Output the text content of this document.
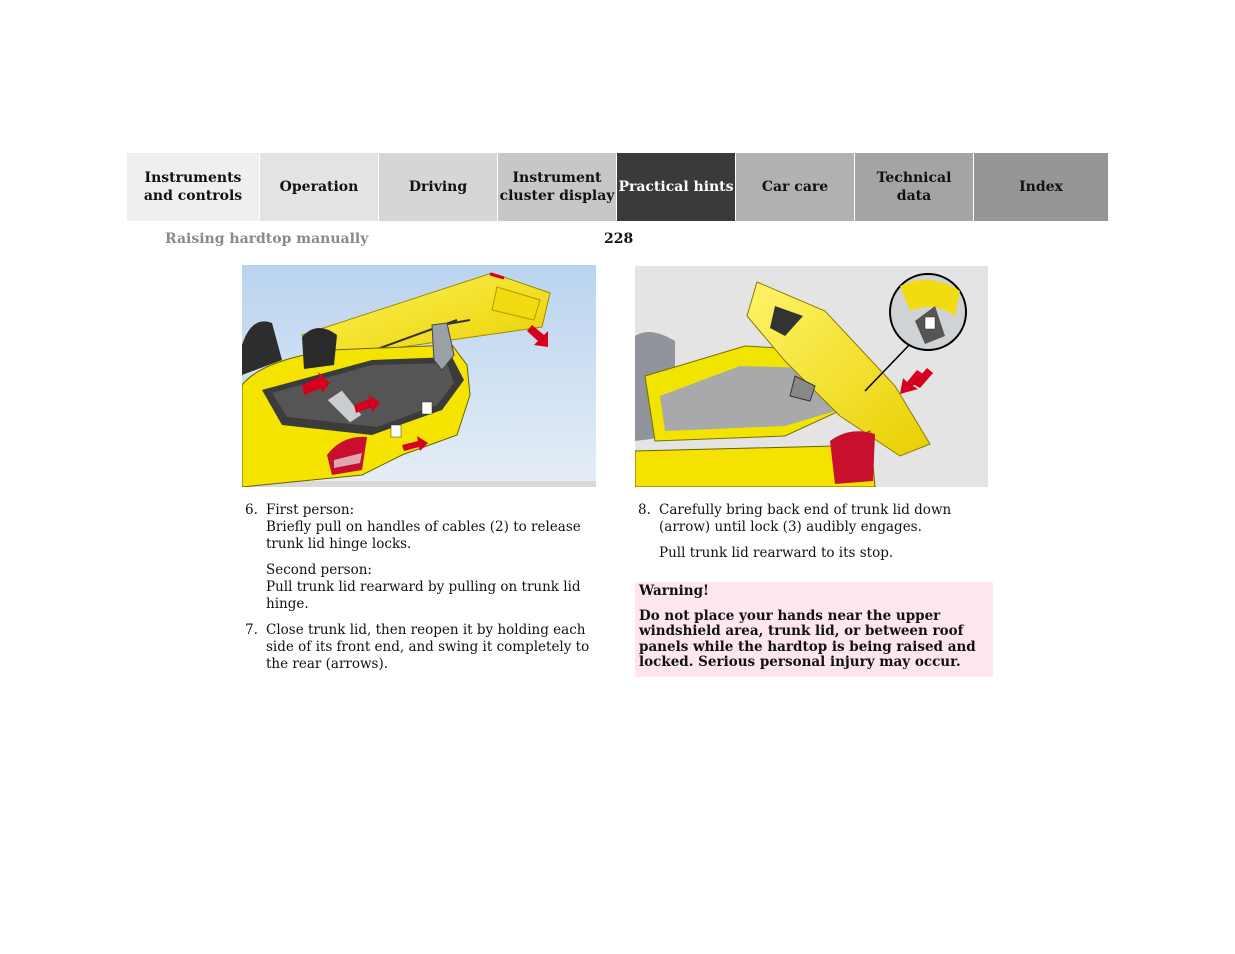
Instruments
and controls
Operation	Driving
Instrument
cluster display
Practical hints	Car care
Technical
data
Index
Raising hardtop manually	228
6. First person:
Briefly pull on handles of cables (2) to release trunk lid hinge locks.

Second person:
Pull trunk lid rearward by pulling on trunk lid hinge.

7. Close trunk lid, then reopen it by holding each side of its front end, and swing it completely to the rear (arrows).

8. Carefully bring back end of trunk lid down (arrow) until lock (3) audibly engages.

Pull trunk lid rearward to its stop.

Warning!

Do not place your hands near the upper windshield area, trunk lid, or between roof panels while the hardtop is being raised and locked. Serious personal injury may occur.
